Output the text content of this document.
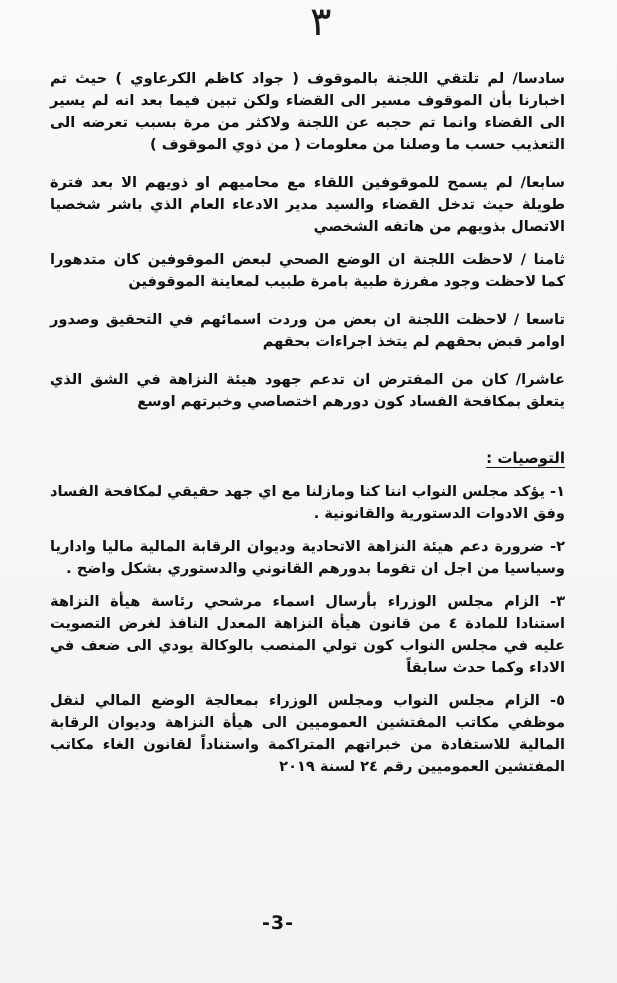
٣

سادسا/ لم تلتقي اللجنة بالموقوف ( جواد كاظم الكرعاوي ) حيث تم اخبارنا بأن الموقوف مسير الى القضاء ولكن تبين فيما بعد انه لم يسير الى القضاء وانما تم حجبه عن اللجنة ولاكثر من مرة بسبب تعرضه الى التعذيب حسب ما وصلنا من معلومات ( من ذوي الموقوف )

سابعا/ لم يسمح للموقوفين اللقاء مع محاميهم او ذويهم الا بعد فترة طويلة حيث تدخل القضاء والسيد مدير الادعاء العام الذي باشر شخصيا الاتصال بذويهم من هاتفه الشخصي

ثامنا / لاحظت اللجنة ان الوضع الصحي لبعض الموقوفين كان متدهورا كما لاحظت وجود مفرزة طبية بامرة طبيب لمعاينة الموقوفين

تاسعا / لاحظت اللجنة ان بعض من وردت اسمائهم في التحقيق وصدور اوامر قبض بحقهم لم يتخذ اجراءات بحقهم

عاشرا/ كان من المفترض ان تدعم جهود هيئة النزاهة في الشق الذي يتعلق بمكافحة الفساد كون دورهم اختصاصي وخبرتهم اوسع

التوصيات :

١- يؤكد مجلس النواب اننا كنا ومازلنا مع اي جهد حقيقي لمكافحة الفساد وفق الادوات الدستورية والقانونية .

٢- ضرورة دعم هيئة النزاهة الاتحادية وديوان الرقابة المالية ماليا واداريا وسياسيا من اجل ان تقوما بدورهم القانوني والدستوري بشكل واضح .

٣- الزام مجلس الوزراء بأرسال اسماء مرشحي رئاسة هيأة النزاهة استنادا للمادة ٤ من قانون هيأة النزاهة المعدل النافذ لغرض التصويت عليه في مجلس النواب كون تولي المنصب بالوكالة يودي الى ضعف في الاداء وكما حدث سابقاً

٥- الزام مجلس النواب ومجلس الوزراء بمعالجة الوضع المالي لنقل موظفي مكاتب المفتشين العموميين الى هيأة النزاهة وديوان الرقابة المالية للاستفادة من خبراتهم المتراكمة واستناداً لقانون الغاء مكاتب المفتشين العموميين رقم ٢٤ لسنة ٢٠١٩

-3-
